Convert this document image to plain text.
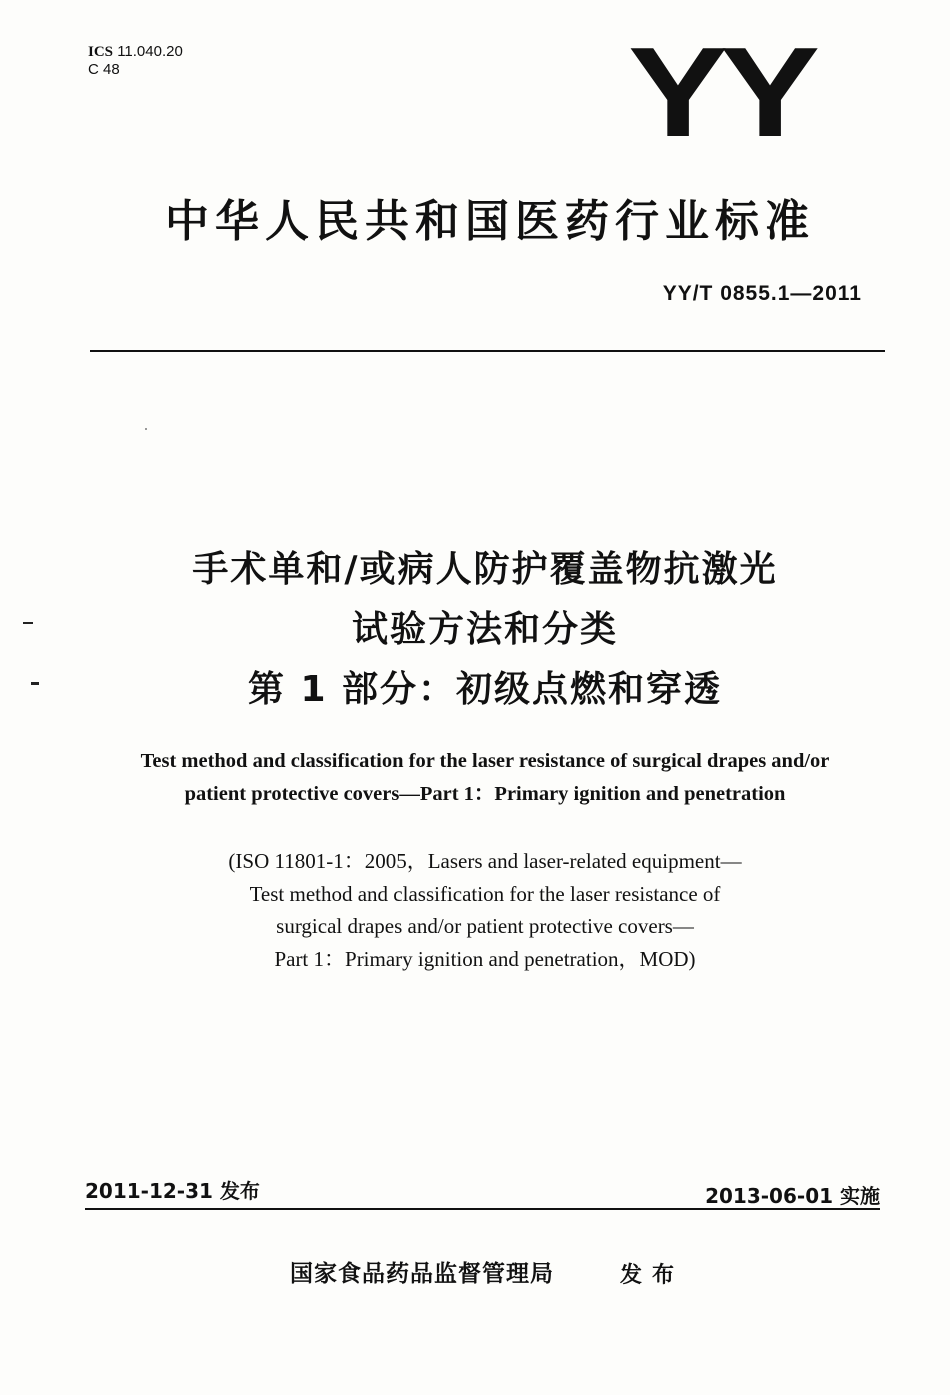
ICS 11.040.20
C 48	YY
中华人民共和国医药行业标准
YY/T 0855.1—2011
手术单和/或病人防护覆盖物抗激光
试验方法和分类
第 1 部分：初级点燃和穿透
Test method and classification for the laser resistance of surgical drapes and/or
patient protective covers—Part 1：Primary ignition and penetration
(ISO 11801-1：2005，Lasers and laser-related equipment—
Test method and classification for the laser resistance of
surgical drapes and/or patient protective covers—
Part 1：Primary ignition and penetration，MOD)
2011-12-31 发布	2013-06-01 实施
国家食品药品监督管理局	发布
